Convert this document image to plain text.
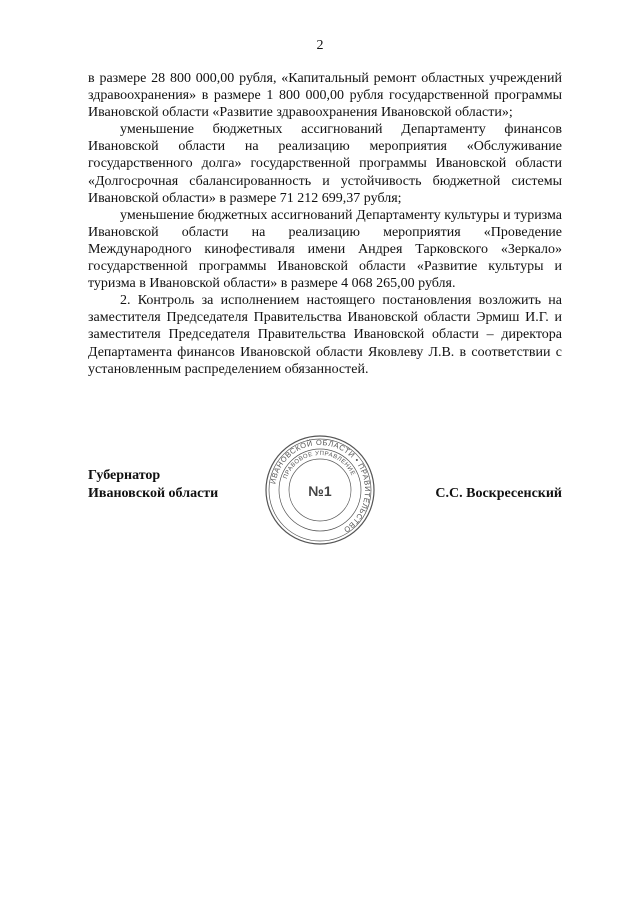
2

в размере 28 800 000,00 рубля, «Капитальный ремонт областных учреждений здравоохранения» в размере 1 800 000,00 рубля государственной программы Ивановской области «Развитие здравоохранения Ивановской области»;

уменьшение бюджетных ассигнований Департаменту финансов Ивановской области на реализацию мероприятия «Обслуживание государственного долга» государственной программы Ивановской области «Долгосрочная сбалансированность и устойчивость бюджетной системы Ивановской области» в размере 71 212 699,37 рубля;

уменьшение бюджетных ассигнований Департаменту культуры и туризма Ивановской области на реализацию мероприятия «Проведение Международного кинофестиваля имени Андрея Тарковского «Зеркало» государственной программы Ивановской области «Развитие культуры и туризма в Ивановской области» в размере 4 068 265,00 рубля.

2. Контроль за исполнением настоящего постановления возложить на заместителя Председателя Правительства Ивановской области Эрмиш И.Г. и заместителя Председателя Правительства Ивановской области – директора Департамента финансов Ивановской области Яковлеву Л.В. в соответствии с установленным распределением обязанностей.

Губернатор
Ивановской области
ИВАНОВСКОЙ ОБЛАСТИ • ПРАВИТЕЛЬСТВО
ПРАВОВОЕ УПРАВЛЕНИЕ
№1	С.С. Воскресенский
